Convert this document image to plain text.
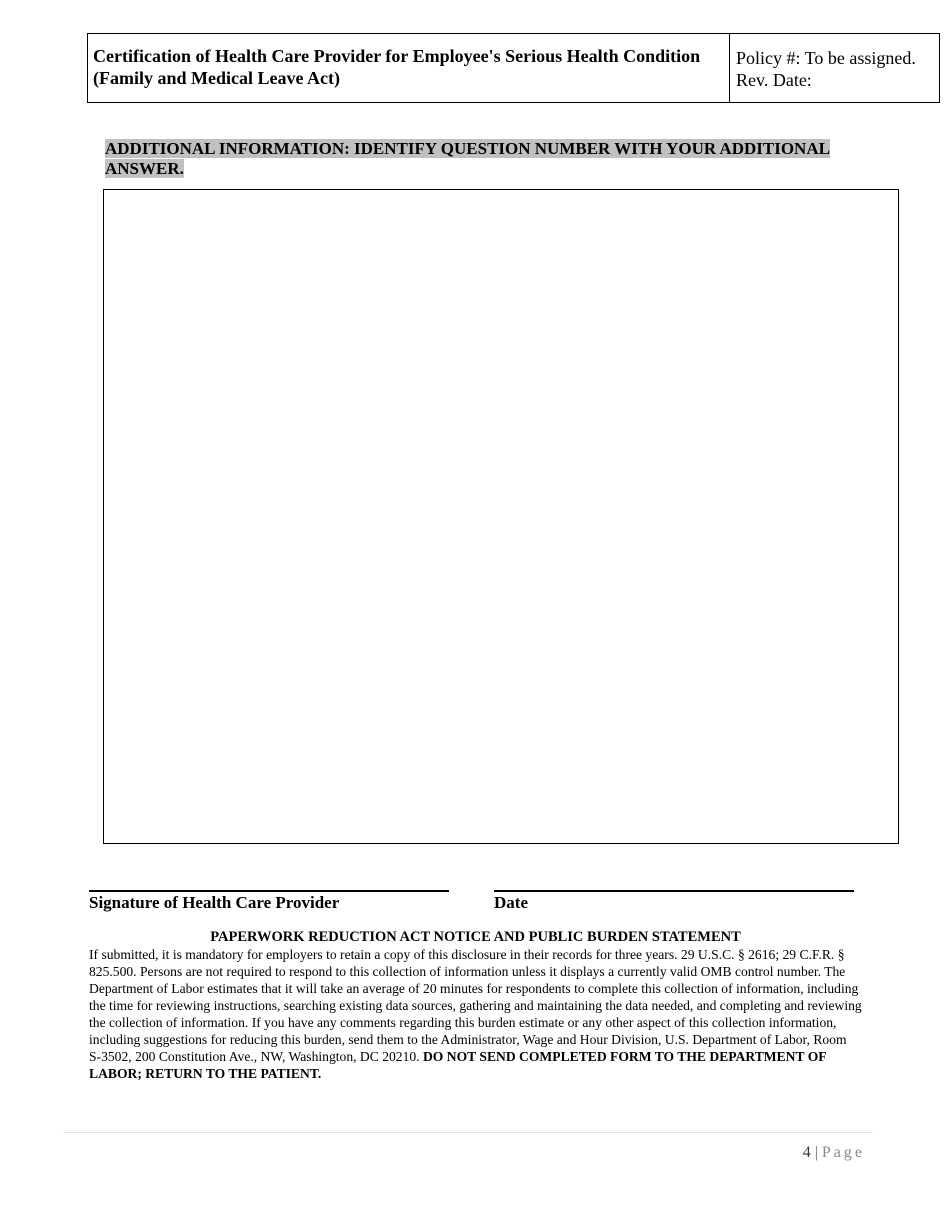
Certification of Health Care Provider for Employee's Serious Health Condition
(Family and Medical Leave Act)
Policy #: To be assigned.
Rev. Date:
ADDITIONAL INFORMATION: IDENTIFY QUESTION NUMBER WITH YOUR ADDITIONAL ANSWER.
Signature of Health Care Provider	Date
PAPERWORK REDUCTION ACT NOTICE AND PUBLIC BURDEN STATEMENT
If submitted, it is mandatory for employers to retain a copy of this disclosure in their records for three years. 29 U.S.C. § 2616; 29 C.F.R. § 825.500. Persons are not required to respond to this collection of information unless it displays a currently valid OMB control number. The Department of Labor estimates that it will take an average of 20 minutes for respondents to complete this collection of information, including the time for reviewing instructions, searching existing data sources, gathering and maintaining the data needed, and completing and reviewing the collection of information. If you have any comments regarding this burden estimate or any other aspect of this collection information, including suggestions for reducing this burden, send them to the Administrator, Wage and Hour Division, U.S. Department of Labor, Room S-3502, 200 Constitution Ave., NW, Washington, DC 20210. DO NOT SEND COMPLETED FORM TO THE DEPARTMENT OF LABOR; RETURN TO THE PATIENT.
4 | Page
